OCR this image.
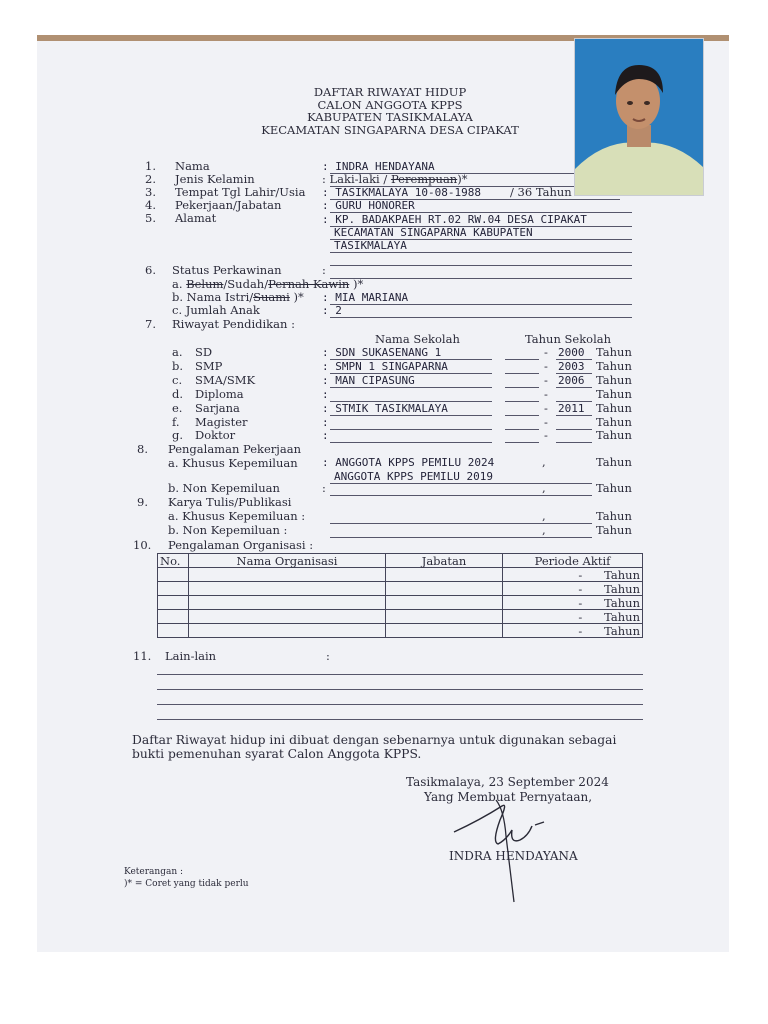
DAFTAR RIWAYAT HIDUP
CALON ANGGOTA KPPS
KABUPATEN TASIKMALAYA
KECAMATAN SINGAPARNA DESA CIPAKAT
1. Nama	: INDRA HENDAYANA
2. Jenis Kelamin	: Laki-laki / Perempuan)*
3. Tempat Tgl Lahir/Usia : TASIKMALAYA 10-08-1988	/ 36 Tahun
4. Pekerjaan/Jabatan	: GURU HONORER
5. Alamat	: KP. BADAKPAEH RT.02 RW.04 DESA CIPAKAT
KECAMATAN SINGAPARNA KABUPATEN
TASIKMALAYA
6. Status Perkawinan	:
a. Belum/Sudah/Pernah Kawin )*
b. Nama Istri/Suami )* : MIA MARIANA
c. Jumlah Anak	: 2
7. Riwayat Pendidikan :
Nama Sekolah	Tahun Sekolah
a. SD	: SDN SUKASENANG 1	- 2000 Tahun
b. SMP	: SMPN 1 SINGAPARNA	- 2003 Tahun
c. SMA/SMK	: MAN CIPASUNG	- 2006 Tahun
d. Diploma	:	-	Tahun
e. Sarjana	: STMIK TASIKMALAYA	- 2011 Tahun
f. Magister	:	-	Tahun
g. Doktor	:	-	Tahun
8. Pengalaman Pekerjaan
a. Khusus Kepemiluan : ANGGOTA KPPS PEMILU 2024	,	Tahun
ANGGOTA KPPS PEMILU 2019
b. Non Kepemiluan	:	,	Tahun
9. Karya Tulis/Publikasi
a. Khusus Kepemiluan :	,	Tahun
b. Non Kepemiluan :	,	Tahun
10. Pengalaman Organisasi :
No.	Nama Organisasi	Jabatan	Periode Aktif
			- Tahun
			- Tahun
			- Tahun
			- Tahun
			- Tahun
11. Lain-lain	:
Daftar Riwayat hidup ini dibuat dengan sebenarnya untuk digunakan sebagai
bukti pemenuhan syarat Calon Anggota KPPS.
Tasikmalaya, 23 September 2024
Yang Membuat Pernyataan,
INDRA HENDAYANA
Keterangan :
)* = Coret yang tidak perlu
